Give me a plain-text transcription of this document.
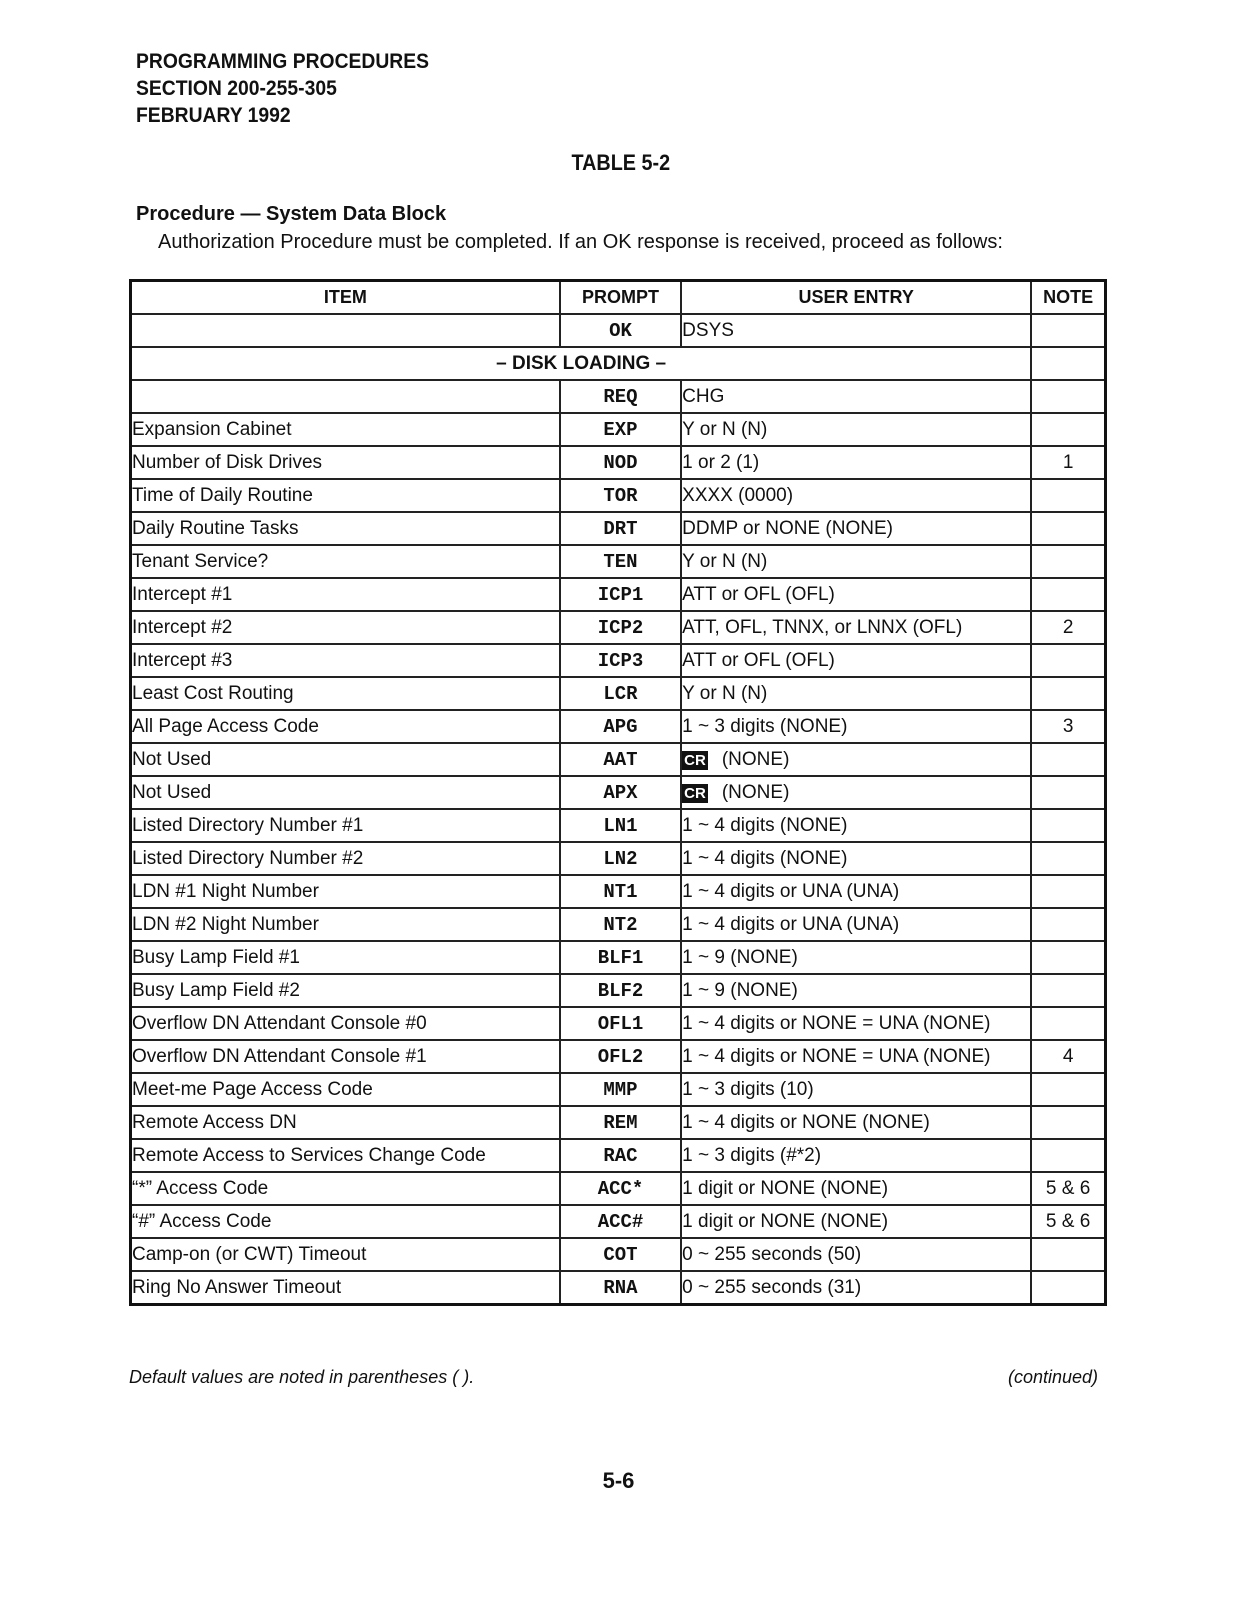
PROGRAMMING PROCEDURES
SECTION 200-255-305
FEBRUARY 1992
TABLE 5-2
Procedure — System Data Block
Authorization Procedure must be completed. If an OK response is received, proceed as follows:
ITEM	PROMPT	USER ENTRY	NOTE
	OK	DSYS	
– DISK LOADING –			
	REQ	CHG	
Expansion Cabinet	EXP	Y or N (N)	
Number of Disk Drives	NOD	1 or 2 (1)	1
Time of Daily Routine	TOR	XXXX (0000)	
Daily Routine Tasks	DRT	DDMP or NONE (NONE)	
Tenant Service?	TEN	Y or N (N)	
Intercept #1	ICP1	ATT or OFL (OFL)	
Intercept #2	ICP2	ATT, OFL, TNNX, or LNNX (OFL)	2
Intercept #3	ICP3	ATT or OFL (OFL)	
Least Cost Routing	LCR	Y or N (N)	
All Page Access Code	APG	1 ~ 3 digits (NONE)	3
Not Used	AAT	CR (NONE)	
Not Used	APX	CR (NONE)	
Listed Directory Number #1	LN1	1 ~ 4 digits (NONE)	
Listed Directory Number #2	LN2	1 ~ 4 digits (NONE)	
LDN #1 Night Number	NT1	1 ~ 4 digits or UNA (UNA)	
LDN #2 Night Number	NT2	1 ~ 4 digits or UNA (UNA)	
Busy Lamp Field #1	BLF1	1 ~ 9 (NONE)	
Busy Lamp Field #2	BLF2	1 ~ 9 (NONE)	
Overflow DN Attendant Console #0	OFL1	1 ~ 4 digits or NONE = UNA (NONE)	
Overflow DN Attendant Console #1	OFL2	1 ~ 4 digits or NONE = UNA (NONE)	4
Meet-me Page Access Code	MMP	1 ~ 3 digits (10)	
Remote Access DN	REM	1 ~ 4 digits or NONE (NONE)	
Remote Access to Services Change Code	RAC	1 ~ 3 digits (#*2)	
“*” Access Code	ACC*	1 digit or NONE (NONE)	5 & 6
“#” Access Code	ACC#	1 digit or NONE (NONE)	5 & 6
Camp-on (or CWT) Timeout	COT	0 ~ 255 seconds (50)	
Ring No Answer Timeout	RNA	0 ~ 255 seconds (31)	
Default values are noted in parentheses ( ).	(continued)
5-6
